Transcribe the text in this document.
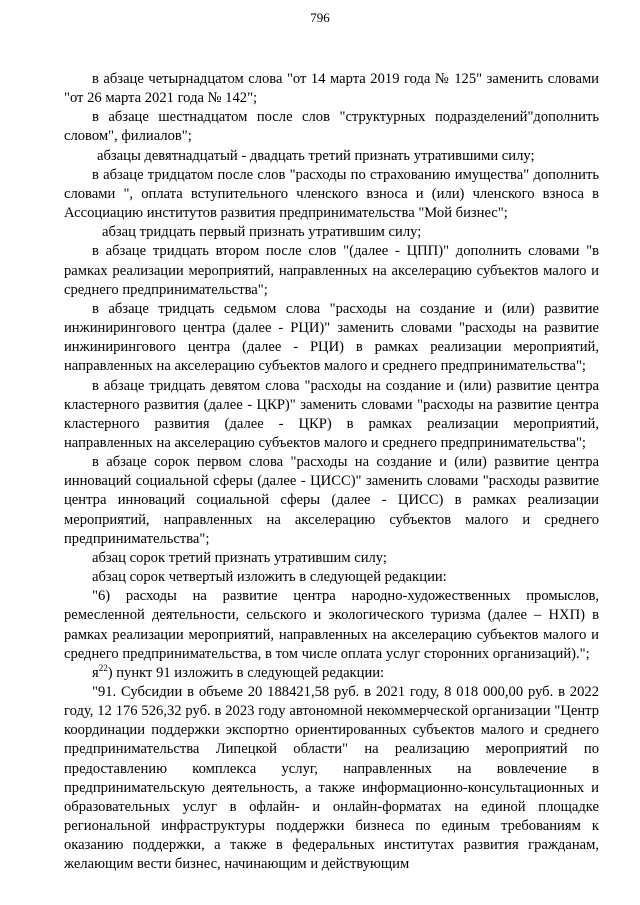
796

в абзаце четырнадцатом слова "от 14 марта 2019 года № 125" заменить словами "от 26 марта 2021 года № 142";

в абзаце шестнадцатом после слов "структурных подразделений"дополнить словом", филиалов";

абзацы девятнадцатый - двадцать третий признать утратившими силу;

в абзаце тридцатом после слов "расходы по страхованию имущества" дополнить словами ", оплата вступительного членского взноса и (или) членского взноса в Ассоциацию институтов развития предпринимательства "Мой бизнес";

абзац тридцать первый признать утратившим силу;

в абзаце тридцать втором после слов "(далее - ЦПП)" дополнить словами "в рамках реализации мероприятий, направленных на акселерацию субъектов малого и среднего предпринимательства";

в абзаце тридцать седьмом слова "расходы на создание и (или) развитие инжинирингового центра (далее - РЦИ)" заменить словами "расходы на развитие инжинирингового центра (далее - РЦИ) в рамках реализации мероприятий, направленных на акселерацию субъектов малого и среднего предпринимательства";

в абзаце тридцать девятом слова "расходы на создание и (или) развитие центра кластерного развития (далее - ЦКР)" заменить словами "расходы на развитие центра кластерного развития (далее - ЦКР) в рамках реализации мероприятий, направленных на акселерацию субъектов малого и среднего предпринимательства";

в абзаце сорок первом слова "расходы на создание и (или) развитие центра инноваций социальной сферы (далее - ЦИСС)" заменить словами "расходы развитие центра инноваций социальной сферы (далее - ЦИСС) в рамках реализации мероприятий, направленных на акселерацию субъектов малого и среднего предпринимательства";

абзац сорок третий признать утратившим силу;

абзац сорок четвертый изложить в следующей редакции:

"6) расходы на развитие центра народно-художественных промыслов, ремесленной деятельности, сельского и экологического туризма (далее – НХП) в рамках реализации мероприятий, направленных на акселерацию субъектов малого и среднего предпринимательства, в том числе оплата услуг сторонних организаций).";

$я^{22}$) пункт 91 изложить в следующей редакции:

"91. Субсидии в объеме 20 188421,58 руб. в 2021 году, 8 018 000,00 руб. в 2022 году, 12 176 526,32 руб. в 2023 году автономной некоммерческой организации "Центр координации поддержки экспортно ориентированных субъектов малого и среднего предпринимательства Липецкой области" на реализацию мероприятий по предоставлению комплекса услуг, направленных на вовлечение в предпринимательскую деятельность, а также информационно-консультационных и образовательных услуг в офлайн- и онлайн-форматах на единой площадке региональной инфраструктуры поддержки бизнеса по единым требованиям к оказанию поддержки, а также в федеральных институтах развития гражданам, желающим вести бизнес, начинающим и действующим
